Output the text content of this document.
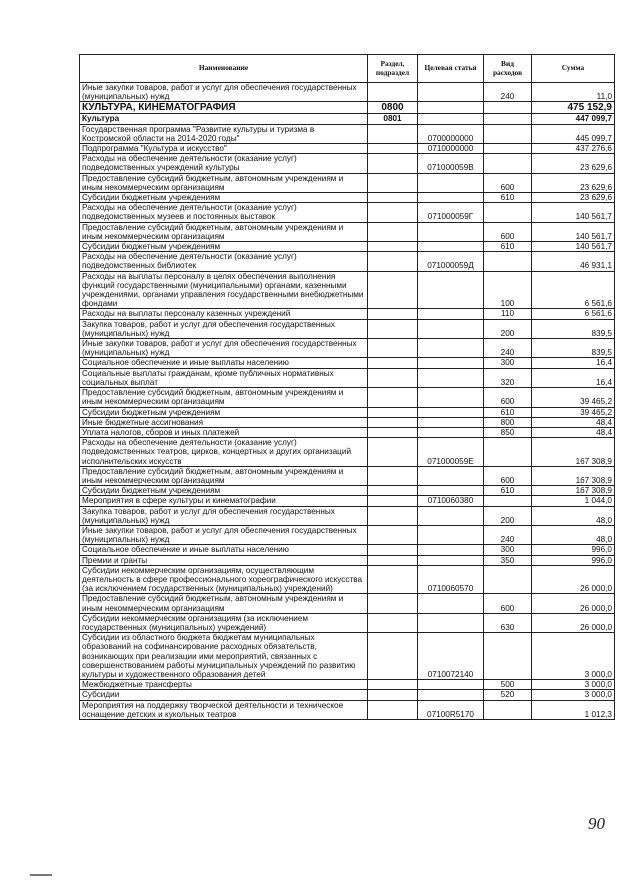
Наименование	Раздел, подраздел	Целевая статья	Вид расходов	Сумма
Иные закупки товаров, работ и услуг для обеспечения государственных (муниципальных) нужд			240	11,0
КУЛЬТУРА, КИНЕМАТОГРАФИЯ	0800			475 152,9
Культура	0801			447 099,7
Государственная программа "Развитие культуры и туризма в Костромской области на 2014-2020 годы"		0700000000		445 099,7
Подпрограмма "Культура и искусство"		0710000000		437 276,6
Расходы на обеспечение деятельности (оказание услуг) подведомственных учреждений культуры		071000059В		23 629,6
Предоставление субсидий бюджетным, автономным учреждениям и иным некоммерческим организациям			600	23 629,6
Субсидии бюджетным учреждениям			610	23 629,6
Расходы на обеспечение деятельности (оказание услуг) подведомственных музеев и постоянных выставок		071000059Г		140 561,7
Предоставление субсидий бюджетным, автономным учреждениям и иным некоммерческим организациям			600	140 561,7
Субсидии бюджетным учреждениям			610	140 561,7
Расходы на обеспечение деятельности (оказание услуг) подведомственных библиотек		071000059Д		46 931,1
Расходы на выплаты персоналу в целях обеспечения выполнения функций государственными (муниципальными) органами, казенными учреждениями, органами управления государственными внебюджетными фондами			100	6 561,6
Расходы на выплаты персоналу казенных учреждений			110	6 561,6
Закупка товаров, работ и услуг для обеспечения государственных (муниципальных) нужд			200	839,5
Иные закупки товаров, работ и услуг для обеспечения государственных (муниципальных) нужд			240	839,5
Социальное обеспечение и иные выплаты населению			300	16,4
Социальные выплаты гражданам, кроме публичных нормативных социальных выплат			320	16,4
Предоставление субсидий бюджетным, автономным учреждениям и иным некоммерческим организациям			600	39 465,2
Субсидии бюджетным учреждениям			610	39 465,2
Иные бюджетные ассигнования			800	48,4
Уплата налогов, сборов и иных платежей			850	48,4
Расходы на обеспечение деятельности (оказание услуг) подведомственных театров, цирков, концертных и других организаций исполнительских искусств		071000059Е		167 308,9
Предоставление субсидий бюджетным, автономным учреждениям и иным некоммерческим организациям			600	167 308,9
Субсидии бюджетным учреждениям			610	167 308,9
Мероприятия в сфере культуры и кинематографии		0710060380		1 044,0
Закупка товаров, работ и услуг для обеспечения государственных (муниципальных) нужд			200	48,0
Иные закупки товаров, работ и услуг для обеспечения государственных (муниципальных) нужд			240	48,0
Социальное обеспечение и иные выплаты населению			300	996,0
Премии и гранты			350	996,0
Субсидии некоммерческим организациям, осуществляющим деятельность в сфере профессионального хореографического искусства (за исключением государственных (муниципальных) учреждений)		0710060570		26 000,0
Предоставление субсидий бюджетным, автономным учреждениям и иным некоммерческим организациям			600	26 000,0
Субсидии некоммерческим организациям (за исключением государственных (муниципальных) учреждений)			630	26 000,0
Субсидии из областного бюджета бюджетам муниципальных образований на софинансирование расходных обязательств, возникающих при реализации ими мероприятий, связанных с совершенствованием работы муниципальных учреждений по развитию культуры и художественного образования детей		0710072140		3 000,0
Межбюджетные трансферты			500	3 000,0
Субсидии			520	3 000,0
Мероприятия на поддержку творческой деятельности и техническое оснащение детских и кукольных театров		07100R5170		1 012,3
90
